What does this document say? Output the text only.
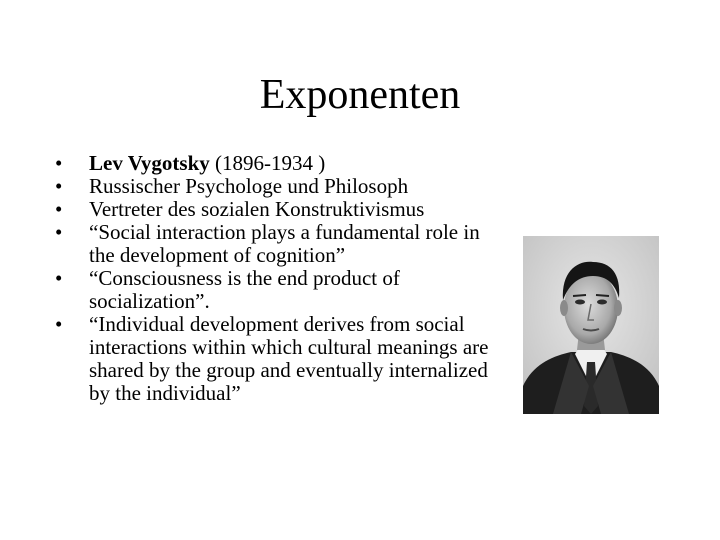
Exponenten
•	Lev Vygotsky (1896-1934 )
•	Russischer Psychologe und Philosoph
•	Vertreter des sozialen Konstruktivismus
•	“Social interaction plays a fundamental role in the development of cognition”
•	“Consciousness is the end product of socialization”.
•	“Individual development derives from social interactions within which cultural meanings are shared by the group and eventually internalized by the individual”
